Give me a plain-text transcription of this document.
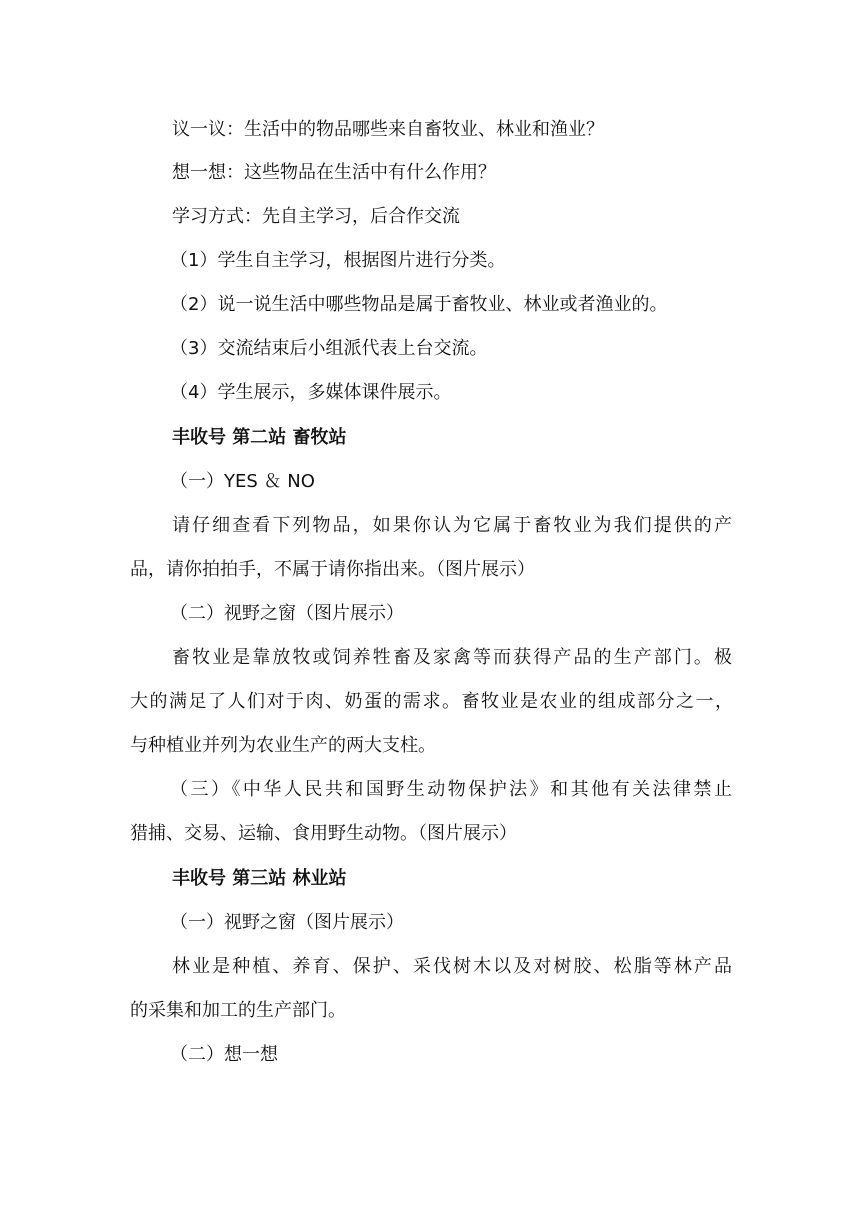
议一议：生活中的物品哪些来自畜牧业、林业和渔业？
想一想：这些物品在生活中有什么作用？
学习方式：先自主学习，后合作交流
（1）学生自主学习，根据图片进行分类。
（2）说一说生活中哪些物品是属于畜牧业、林业或者渔业的。
（3）交流结束后小组派代表上台交流。
（4）学生展示，多媒体课件展示。
丰收号 第二站 畜牧站
（一）YES ＆ NO
请仔细查看下列物品，如果你认为它属于畜牧业为我们提供的产
品，请你拍拍手，不属于请你指出来。（图片展示）
（二）视野之窗（图片展示）
畜牧业是靠放牧或饲养牲畜及家禽等而获得产品的生产部门。极
大的满足了人们对于肉、奶蛋的需求。畜牧业是农业的组成部分之一，
与种植业并列为农业生产的两大支柱。
（三）《中华人民共和国野生动物保护法》和其他有关法律禁止
猎捕、交易、运输、食用野生动物。（图片展示）
丰收号 第三站 林业站
（一）视野之窗（图片展示）
林业是种植、养育、保护、采伐树木以及对树胶、松脂等林产品
的采集和加工的生产部门。
（二）想一想
